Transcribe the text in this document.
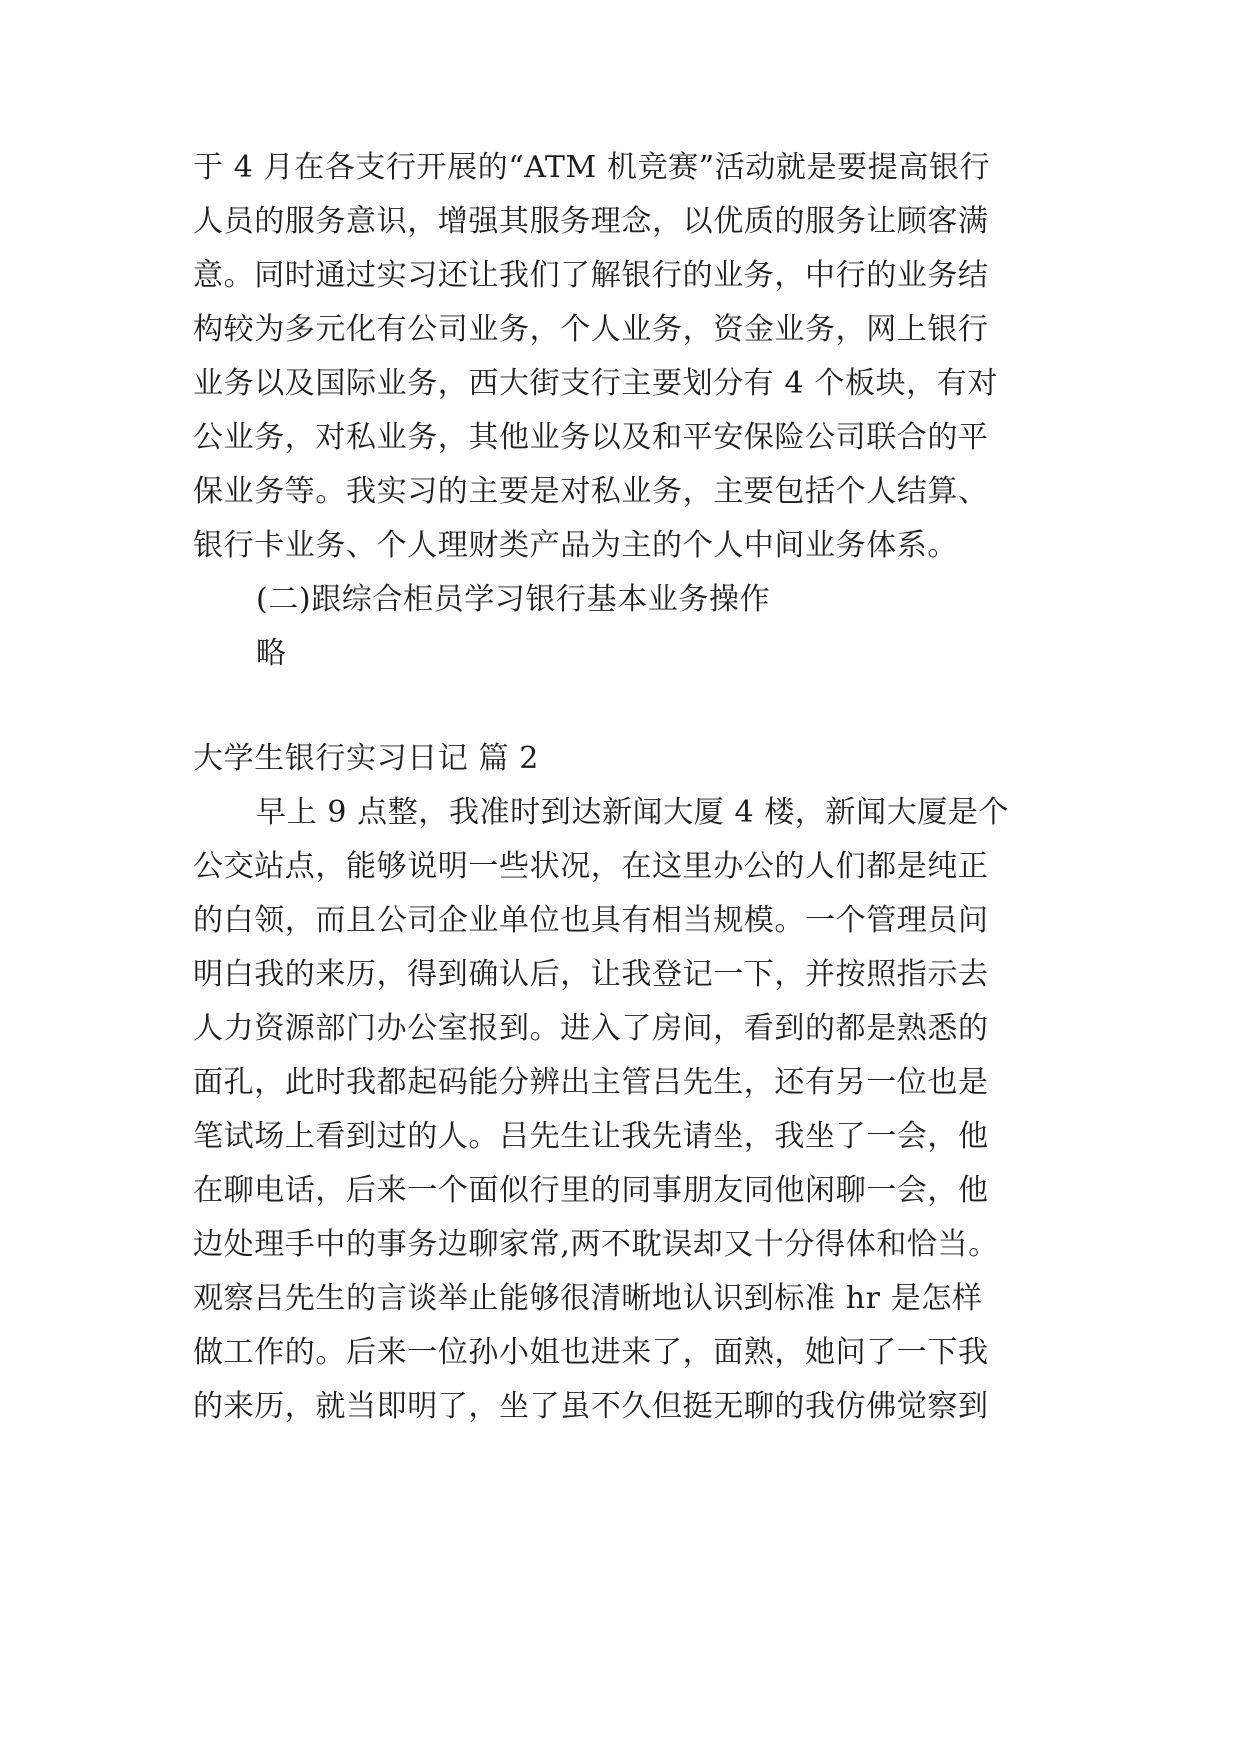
于 4 月在各支行开展的“ATM 机竞赛”活动就是要提高银行
人员的服务意识，增强其服务理念，以优质的服务让顾客满
意。同时通过实习还让我们了解银行的业务，中行的业务结
构较为多元化有公司业务，个人业务，资金业务，网上银行
业务以及国际业务，西大街支行主要划分有 4 个板块，有对
公业务，对私业务，其他业务以及和平安保险公司联合的平
保业务等。我实习的主要是对私业务，主要包括个人结算、
银行卡业务、个人理财类产品为主的个人中间业务体系。
(二)跟综合柜员学习银行基本业务操作
略
大学生银行实习日记 篇 2
早上 9 点整，我准时到达新闻大厦 4 楼，新闻大厦是个
公交站点，能够说明一些状况，在这里办公的人们都是纯正
的白领，而且公司企业单位也具有相当规模。一个管理员问
明白我的来历，得到确认后，让我登记一下，并按照指示去
人力资源部门办公室报到。进入了房间，看到的都是熟悉的
面孔，此时我都起码能分辨出主管吕先生，还有另一位也是
笔试场上看到过的人。吕先生让我先请坐，我坐了一会，他
在聊电话，后来一个面似行里的同事朋友同他闲聊一会，他
边处理手中的事务边聊家常,两不耽误却又十分得体和恰当。
观察吕先生的言谈举止能够很清晰地认识到标准 hr 是怎样
做工作的。后来一位孙小姐也进来了，面熟，她问了一下我
的来历，就当即明了，坐了虽不久但挺无聊的我仿佛觉察到
